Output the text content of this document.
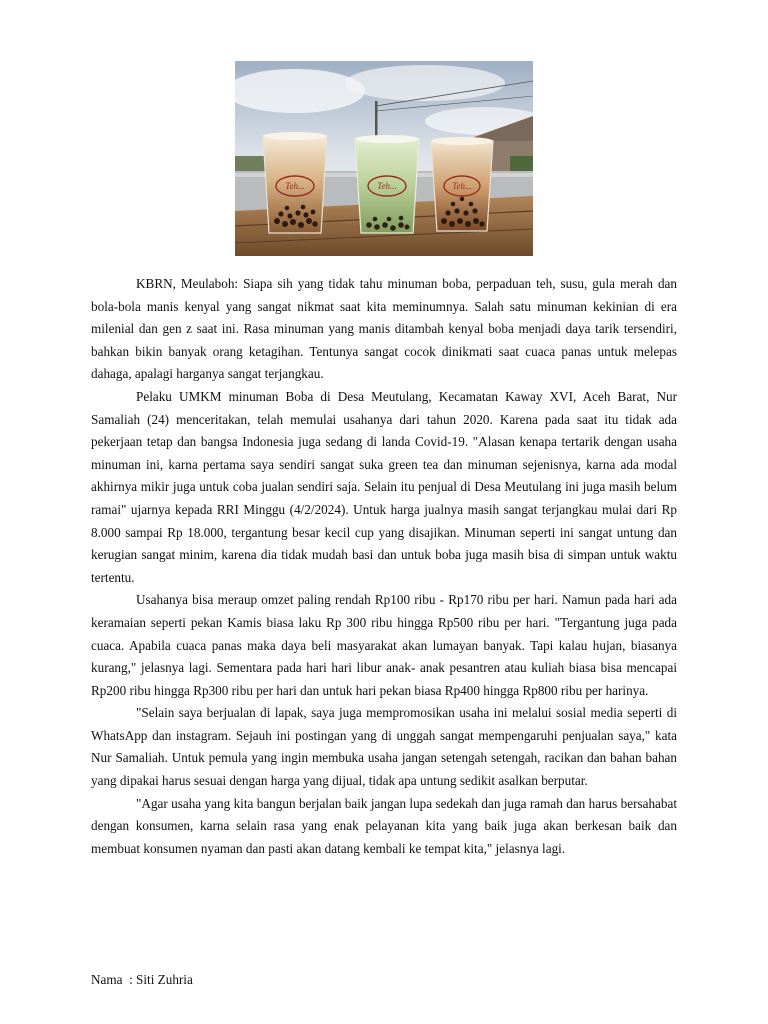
Teh...	Teh...	Teh...

KBRN, Meulaboh: Siapa sih yang tidak tahu minuman boba, perpaduan teh, susu, gula merah dan bola-bola manis kenyal yang sangat nikmat saat kita meminumnya. Salah satu minuman kekinian di era milenial dan gen z saat ini. Rasa minuman yang manis ditambah kenyal boba menjadi daya tarik tersendiri, bahkan bikin banyak orang ketagihan. Tentunya sangat cocok dinikmati saat cuaca panas untuk melepas dahaga, apalagi harganya sangat terjangkau.

Pelaku UMKM minuman Boba di Desa Meutulang, Kecamatan Kaway XVI, Aceh Barat, Nur Samaliah (24) menceritakan, telah memulai usahanya dari tahun 2020. Karena pada saat itu tidak ada pekerjaan tetap dan bangsa Indonesia juga sedang di landa Covid-19. "Alasan kenapa tertarik dengan usaha minuman ini, karna pertama saya sendiri sangat suka green tea dan minuman sejenisnya, karna ada modal akhirnya mikir juga untuk coba jualan sendiri saja. Selain itu penjual di Desa Meutulang ini juga masih belum ramai" ujarnya kepada RRI Minggu (4/2/2024). Untuk harga jualnya masih sangat terjangkau mulai dari Rp 8.000 sampai Rp 18.000, tergantung besar kecil cup yang disajikan. Minuman seperti ini sangat untung dan kerugian sangat minim, karena dia tidak mudah basi dan untuk boba juga masih bisa di simpan untuk waktu tertentu.

Usahanya bisa meraup omzet paling rendah Rp100 ribu - Rp170 ribu per hari. Namun pada hari ada keramaian seperti pekan Kamis biasa laku Rp 300 ribu hingga Rp500 ribu per hari. "Tergantung juga pada cuaca. Apabila cuaca panas maka daya beli masyarakat akan lumayan banyak. Tapi kalau hujan, biasanya kurang," jelasnya lagi. Sementara pada hari hari libur anak- anak pesantren atau kuliah biasa bisa mencapai Rp200 ribu hingga Rp300 ribu per hari dan untuk hari pekan biasa Rp400 hingga Rp800 ribu per harinya.

"Selain saya berjualan di lapak, saya juga mempromosikan usaha ini melalui sosial media seperti di WhatsApp dan instagram. Sejauh ini postingan yang di unggah sangat mempengaruhi penjualan saya," kata Nur Samaliah. Untuk pemula yang ingin membuka usaha jangan setengah setengah, racikan dan bahan bahan yang dipakai harus sesuai dengan harga yang dijual, tidak apa untung sedikit asalkan berputar.

"Agar usaha yang kita bangun berjalan baik jangan lupa sedekah dan juga ramah dan harus bersahabat dengan konsumen, karna selain rasa yang enak pelayanan kita yang baik juga akan berkesan baik dan membuat konsumen nyaman dan pasti akan datang kembali ke tempat kita," jelasnya lagi.

Nama  : Siti Zuhria
